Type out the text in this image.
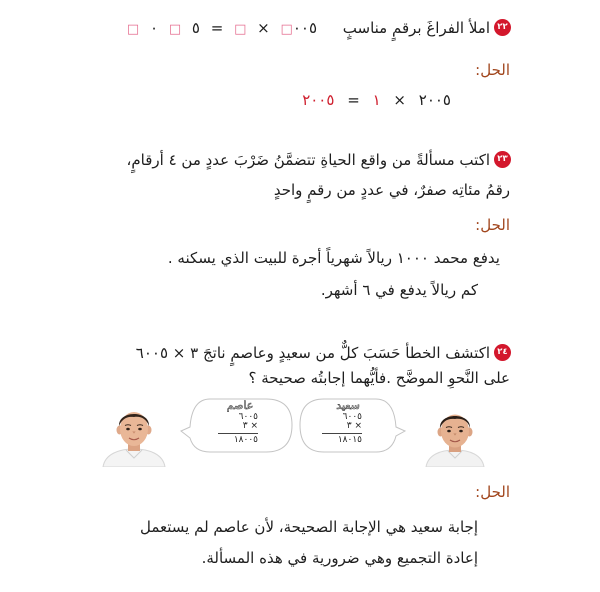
٢٢
املأ الفراغَ برقمٍ مناسبٍ □ ٠ □ ٥ = □ × □٠٠٥
الحل:
٢٠٠٥ = ١ × ٢٠٠٥
٢٣
اكتب مسألةً من واقع الحياةِ تتضمَّنُ ضَرْبَ عددٍ من ٤ أرقامٍ،
رقمُ مئاتِه صفرٌ، في عددٍ من رقمٍ واحدٍ
الحل:
يدفع محمد ١٠٠٠ ريالاً شهرياً أجرة للبيت الذي يسكنه .
كم ريالاً يدفع في ٦ أشهر.
٢٤
اكتشف الخطأ حَسَبَ كلٌّ من سعيدٍ وعاصمٍ ناتجَ ٣ × ٦٠٠٥
على النَّحوِ الموضَّح .فأيُّهما إجابتُه صحيحة ؟
عاصم
٦٠٠٥
٣ ×
١٨٠٠٥
سعيد
٦٠٠٥
٣ ×
١٨٠١٥
الحل:
إجابة سعيد هي الإجابة الصحيحة، لأن عاصم لم يستعمل
إعادة التجميع وهي ضرورية في هذه المسألة.
